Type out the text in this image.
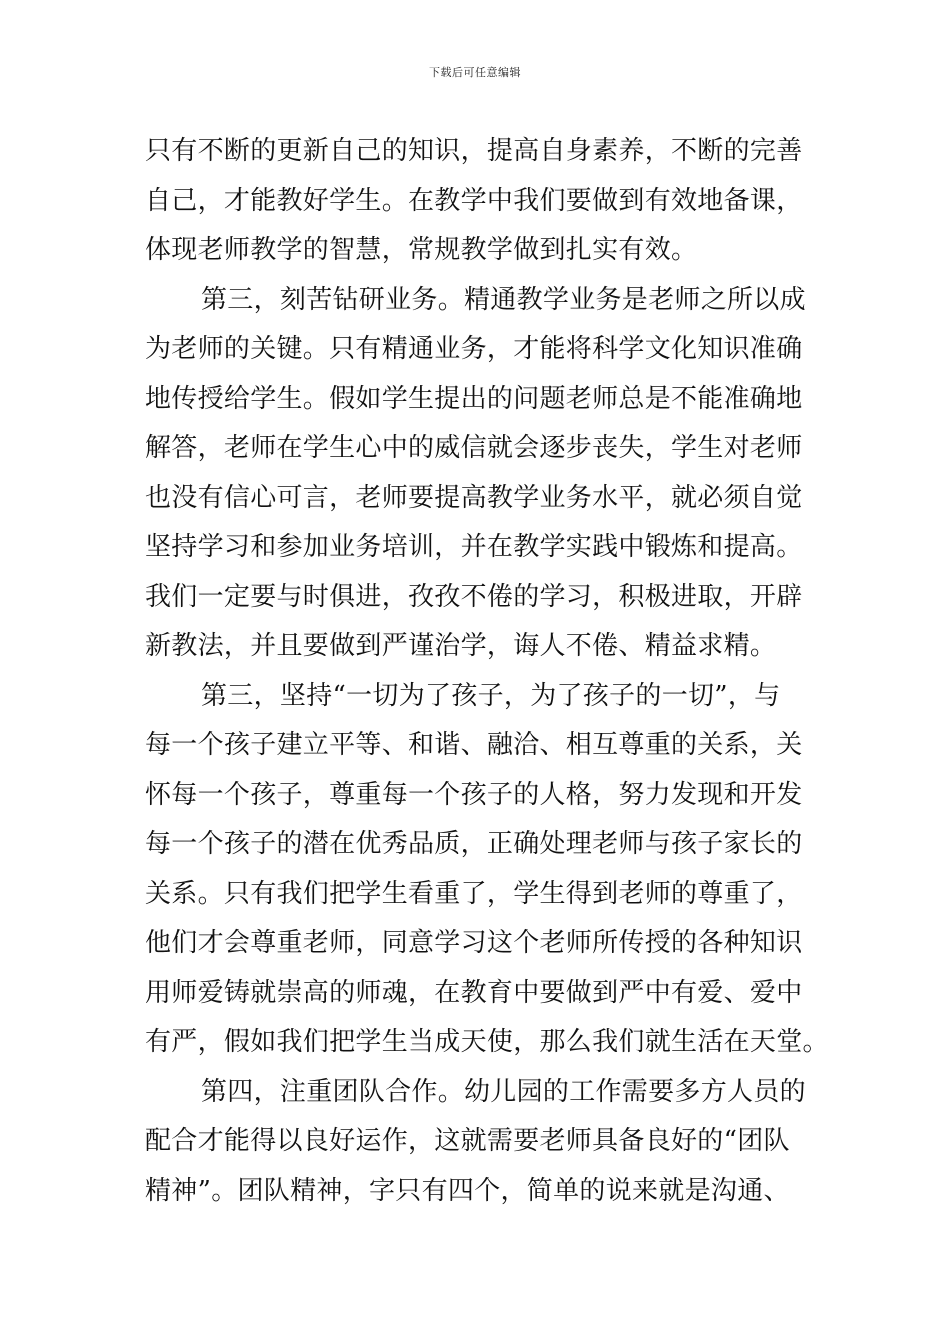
下载后可任意编辑
只有不断的更新自己的知识，提高自身素养，不断的完善
自己，才能教好学生。在教学中我们要做到有效地备课，
体现老师教学的智慧，常规教学做到扎实有效。
第三，刻苦钻研业务。精通教学业务是老师之所以成
为老师的关键。只有精通业务，才能将科学文化知识准确
地传授给学生。假如学生提出的问题老师总是不能准确地
解答，老师在学生心中的威信就会逐步丧失，学生对老师
也没有信心可言，老师要提高教学业务水平，就必须自觉
坚持学习和参加业务培训，并在教学实践中锻炼和提高。
我们一定要与时俱进，孜孜不倦的学习，积极进取，开辟
新教法，并且要做到严谨治学，诲人不倦、精益求精。
第三，坚持“一切为了孩子，为了孩子的一切”，与
每一个孩子建立平等、和谐、融洽、相互尊重的关系，关
怀每一个孩子，尊重每一个孩子的人格，努力发现和开发
每一个孩子的潜在优秀品质，正确处理老师与孩子家长的
关系。只有我们把学生看重了，学生得到老师的尊重了，
他们才会尊重老师，同意学习这个老师所传授的各种知识
用师爱铸就崇高的师魂，在教育中要做到严中有爱、爱中
有严，假如我们把学生当成天使，那么我们就生活在天堂。
第四，注重团队合作。幼儿园的工作需要多方人员的
配合才能得以良好运作，这就需要老师具备良好的“团队
精神”。团队精神，字只有四个，简单的说来就是沟通、
